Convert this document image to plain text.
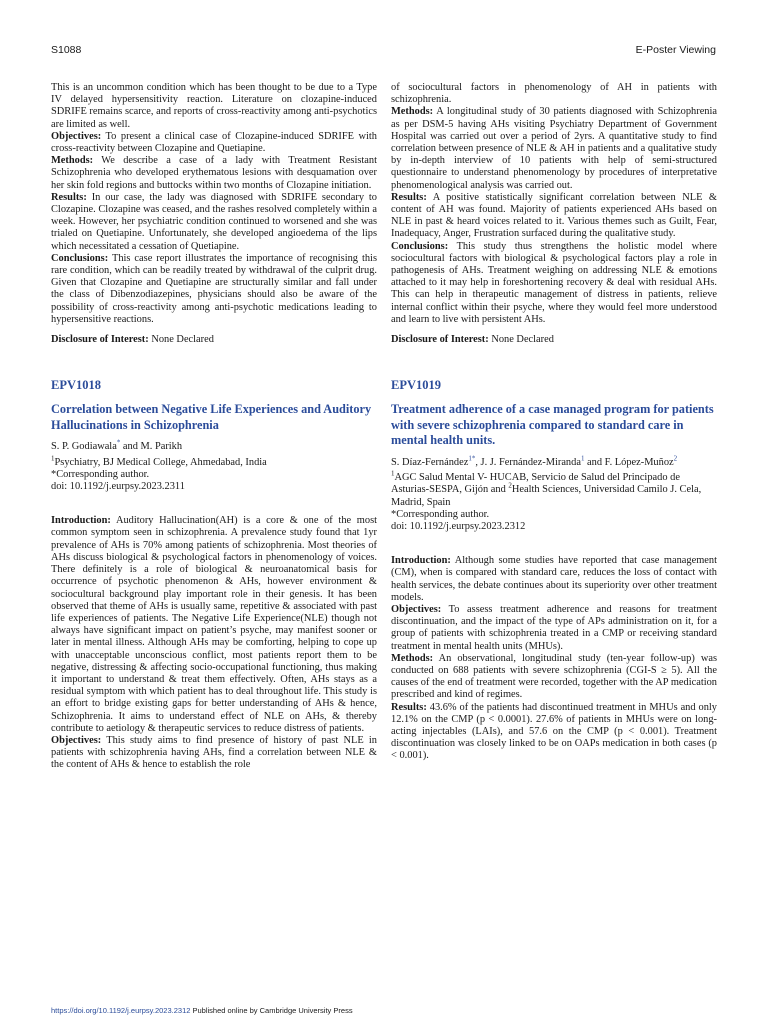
S1088	E-Poster Viewing

This is an uncommon condition which has been thought to be due to a Type IV delayed hypersensitivity reaction. Literature on clozapine-induced SDRIFE remains scarce, and reports of cross-reactivity among anti-psychotics are limited as well.

Objectives: To present a clinical case of Clozapine-induced SDRIFE with cross-reactivity between Clozapine and Quetiapine.

Methods: We describe a case of a lady with Treatment Resistant Schizophrenia who developed erythematous lesions with desquamation over her skin fold regions and buttocks within two months of Clozapine initiation.

Results: In our case, the lady was diagnosed with SDRIFE secondary to Clozapine. Clozapine was ceased, and the rashes resolved completely within a week. However, her psychiatric condition continued to worsened and she was trialed on Quetiapine. Unfortunately, she developed angioedema of the lips which necessitated a cessation of Quetiapine.

Conclusions: This case report illustrates the importance of recognising this rare condition, which can be readily treated by withdrawal of the culprit drug. Given that Clozapine and Quetiapine are structurally similar and fall under the class of Dibenzodiazepines, physicians should also be aware of the possibility of cross-reactivity among anti-psychotic medications leading to hypersensitive reactions.

Disclosure of Interest: None Declared

EPV1018

Correlation between Negative Life Experiences and Auditory Hallucinations in Schizophrenia

S. P. Godiawala* and M. Parikh

$^1$Psychiatry, BJ Medical College, Ahmedabad, India

*Corresponding author.

doi: 10.1192/j.eurpsy.2023.2311

Introduction: Auditory Hallucination(AH) is a core & one of the most common symptom seen in schizophrenia. A prevalence study found that 1yr prevalence of AHs is 70% among patients of schizophrenia. Most theories of AHs discuss biological & psychological factors in phenomenology of voices. There definitely is a role of biological & neuroanatomical basis for occurrence of psychotic phenomenon & AHs, however environment & sociocultural background play important role in their genesis. It has been observed that theme of AHs is usually same, repetitive & associated with past life experiences of patients. The Negative Life Experience(NLE) though not always have significant impact on patient’s psyche, may manifest sooner or later in mental illness. Although AHs may be comforting, helping to cope up with unacceptable unconscious conflict, most patients report them to be negative, distressing & affecting socio-occupational functioning, thus making it important to understand & treat them effectively. Often, AHs stays as a residual symptom with which patient has to deal throughout life. This study is an effort to bridge existing gaps for better understanding of AHs & hence, Schizophrenia. It aims to understand effect of NLE on AHs, & thereby contribute to aetiology & therapeutic services to reduce distress of patients.

Objectives: This study aims to find presence of history of past NLE in patients with schizophrenia having AHs, find a correlation between NLE & the content of AHs & hence to establish the role

of sociocultural factors in phenomenology of AH in patients with schizophrenia.

Methods: A longitudinal study of 30 patients diagnosed with Schizophrenia as per DSM-5 having AHs visiting Psychiatry Department of Government Hospital was carried out over a period of 2yrs. A quantitative study to find correlation between presence of NLE & AH in patients and a qualitative study by in-depth interview of 10 patients with help of semi-structured questionnaire to understand phenomenology by procedures of interpretative phenomenological analysis was carried out.

Results: A positive statistically significant correlation between NLE & content of AH was found. Majority of patients experienced AHs based on NLE in past & heard voices related to it. Various themes such as Guilt, Fear, Inadequacy, Anger, Frustration surfaced during the qualitative study.

Conclusions: This study thus strengthens the holistic model where sociocultural factors with biological & psychological factors play a role in pathogenesis of AHs. Treatment weighing on addressing NLE & emotions attached to it may help in foreshortening recovery & deal with residual AHs. This can help in therapeutic management of distress in patients, relieve internal conflict within their psyche, where they would feel more understood and learn to live with persistent AHs.

Disclosure of Interest: None Declared

EPV1019

Treatment adherence of a case managed program for patients with severe schizophrenia compared to standard care in mental health units.

S. Díaz-Fernández$^{1*}$, J. J. Fernández-Miranda$^1$ and F. López-Muñoz$^2$

$^1$AGC Salud Mental V- HUCAB, Servicio de Salud del Principado de Asturias-SESPA, Gijón and $^2$Health Sciences, Universidad Camilo J. Cela, Madrid, Spain

*Corresponding author.

doi: 10.1192/j.eurpsy.2023.2312

Introduction: Although some studies have reported that case management (CM), when is compared with standard care, reduces the loss of contact with health services, the debate continues about its superiority over other treatment models.

Objectives: To assess treatment adherence and reasons for treatment discontinuation, and the impact of the type of APs administration on it, for a group of patients with schizophrenia treated in a CMP or receiving standard treatment in mental health units (MHUs).

Methods: An observational, longitudinal study (ten-year follow-up) was conducted on 688 patients with severe schizophrenia (CGI-S ≥ 5). All the causes of the end of treatment were recorded, together with the AP medication prescribed and kind of regimes.

Results: 43.6% of the patients had discontinued treatment in MHUs and only 12.1% on the CMP (p < 0.0001). 27.6% of patients in MHUs were on long-acting injectables (LAIs), and 57.6 on the CMP (p < 0.001). Treatment discontinuation was closely linked to be on OAPs medication in both cases (p < 0.001).

https://doi.org/10.1192/j.eurpsy.2023.2312 Published online by Cambridge University Press
